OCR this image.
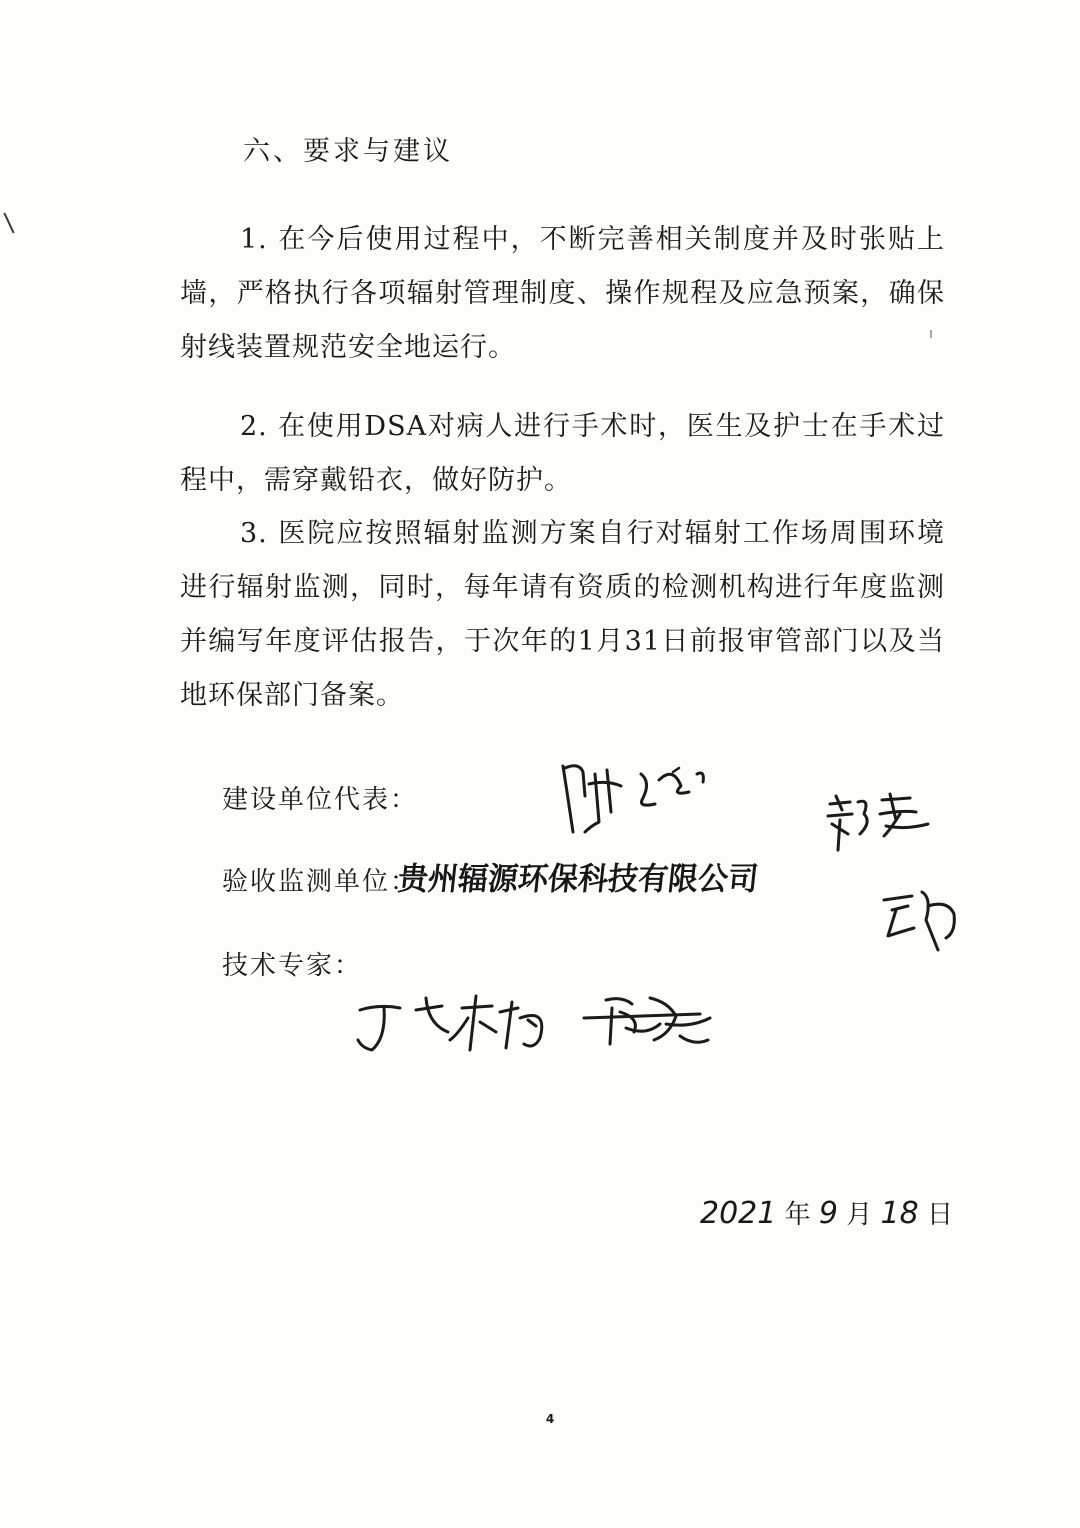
六、要求与建议

1. 在今后使用过程中，不断完善相关制度并及时张贴上墙，严格执行各项辐射管理制度、操作规程及应急预案，确保射线装置规范安全地运行。

2. 在使用DSA对病人进行手术时，医生及护士在手术过程中，需穿戴铅衣，做好防护。

3. 医院应按照辐射监测方案自行对辐射工作场周围环境进行辐射监测，同时，每年请有资质的检测机构进行年度监测并编写年度评估报告，于次年的1月31日前报审管部门以及当地环保部门备案。

建设单位代表：
验收监测单位：
技术专家：
贵州辐源环保科技有限公司
2021 年 9 月 18 日
4
